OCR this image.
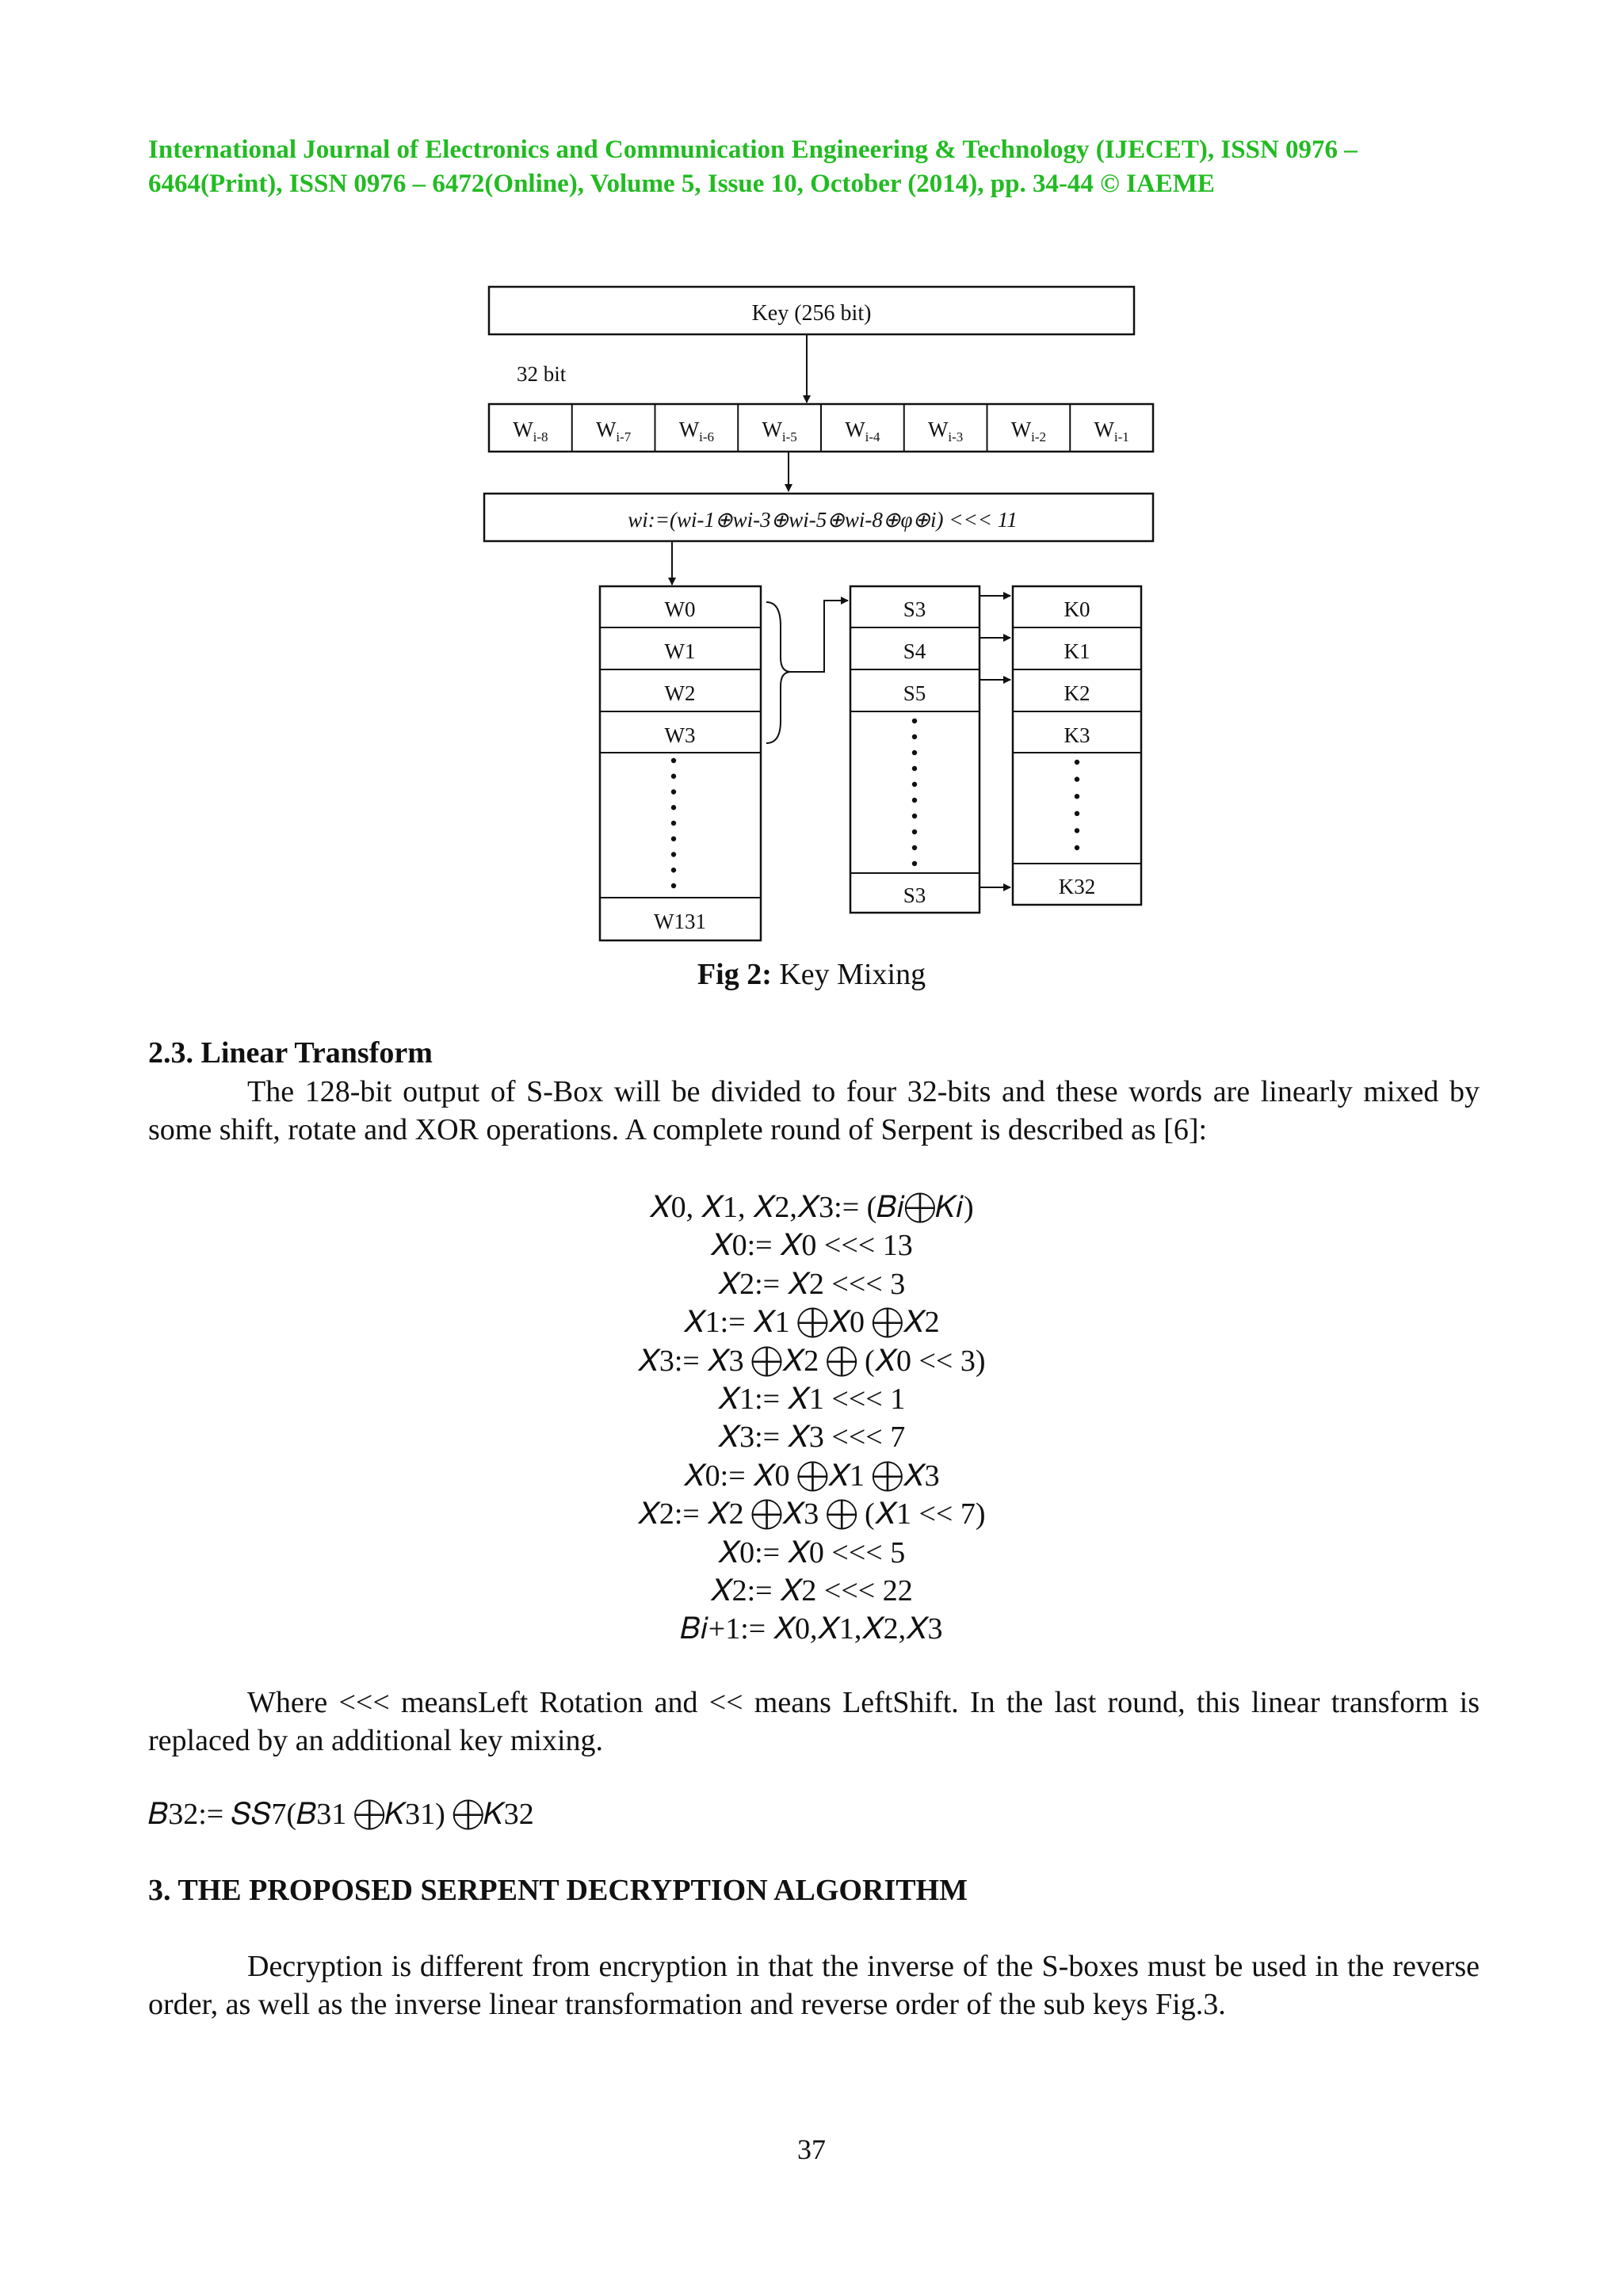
International Journal of Electronics and Communication Engineering & Technology (IJECET), ISSN 0976 –
6464(Print), ISSN 0976 – 6472(Online), Volume 5, Issue 10, October (2014), pp. 34-44 © IAEME
Key (256 bit)
32 bit
$W_{i-8}$ $W_{i-7}$ $W_{i-6}$ $W_{i-5}$ $W_{i-4}$ $W_{i-3}$ $W_{i-2}$ $W_{i-1}$
wi:=(wi-1⊕wi-3⊕wi-5⊕wi-8⊕φ⊕i) <<< 11
W0
W1
W2
W3
W131
S3
S4
S5
S3
K0
K1
K2
K3
K32
Fig 2: Key Mixing
2.3. Linear Transform
The 128-bit output of S-Box will be divided to four 32-bits and these words are linearly mixed by some shift, rotate and XOR operations. A complete round of Serpent is described as [6]:
𝑋0, 𝑋1, 𝑋2,𝑋3:= (𝐵𝑖⨁𝐾𝑖)
𝑋0:= 𝑋0 <<< 13
𝑋2:= 𝑋2 <<< 3
𝑋1:= 𝑋1 ⨁𝑋0 ⨁𝑋2
𝑋3:= 𝑋3 ⨁𝑋2 ⨁ (𝑋0 << 3)
𝑋1:= 𝑋1 <<< 1
𝑋3:= 𝑋3 <<< 7
𝑋0:= 𝑋0 ⨁𝑋1 ⨁𝑋3
𝑋2:= 𝑋2 ⨁𝑋3 ⨁ (𝑋1 << 7)
𝑋0:= 𝑋0 <<< 5
𝑋2:= 𝑋2 <<< 22
𝐵𝑖+1:= 𝑋0,𝑋1,𝑋2,𝑋3
Where <<< meansLeft Rotation and << means LeftShift. In the last round, this linear transform is replaced by an additional key mixing.
𝐵32:= 𝑆𝑆7(𝐵31 ⨁𝐾31) ⨁𝐾32
3. THE PROPOSED SERPENT DECRYPTION ALGORITHM
Decryption is different from encryption in that the inverse of the S-boxes must be used in the reverse order, as well as the inverse linear transformation and reverse order of the sub keys Fig.3.
37
